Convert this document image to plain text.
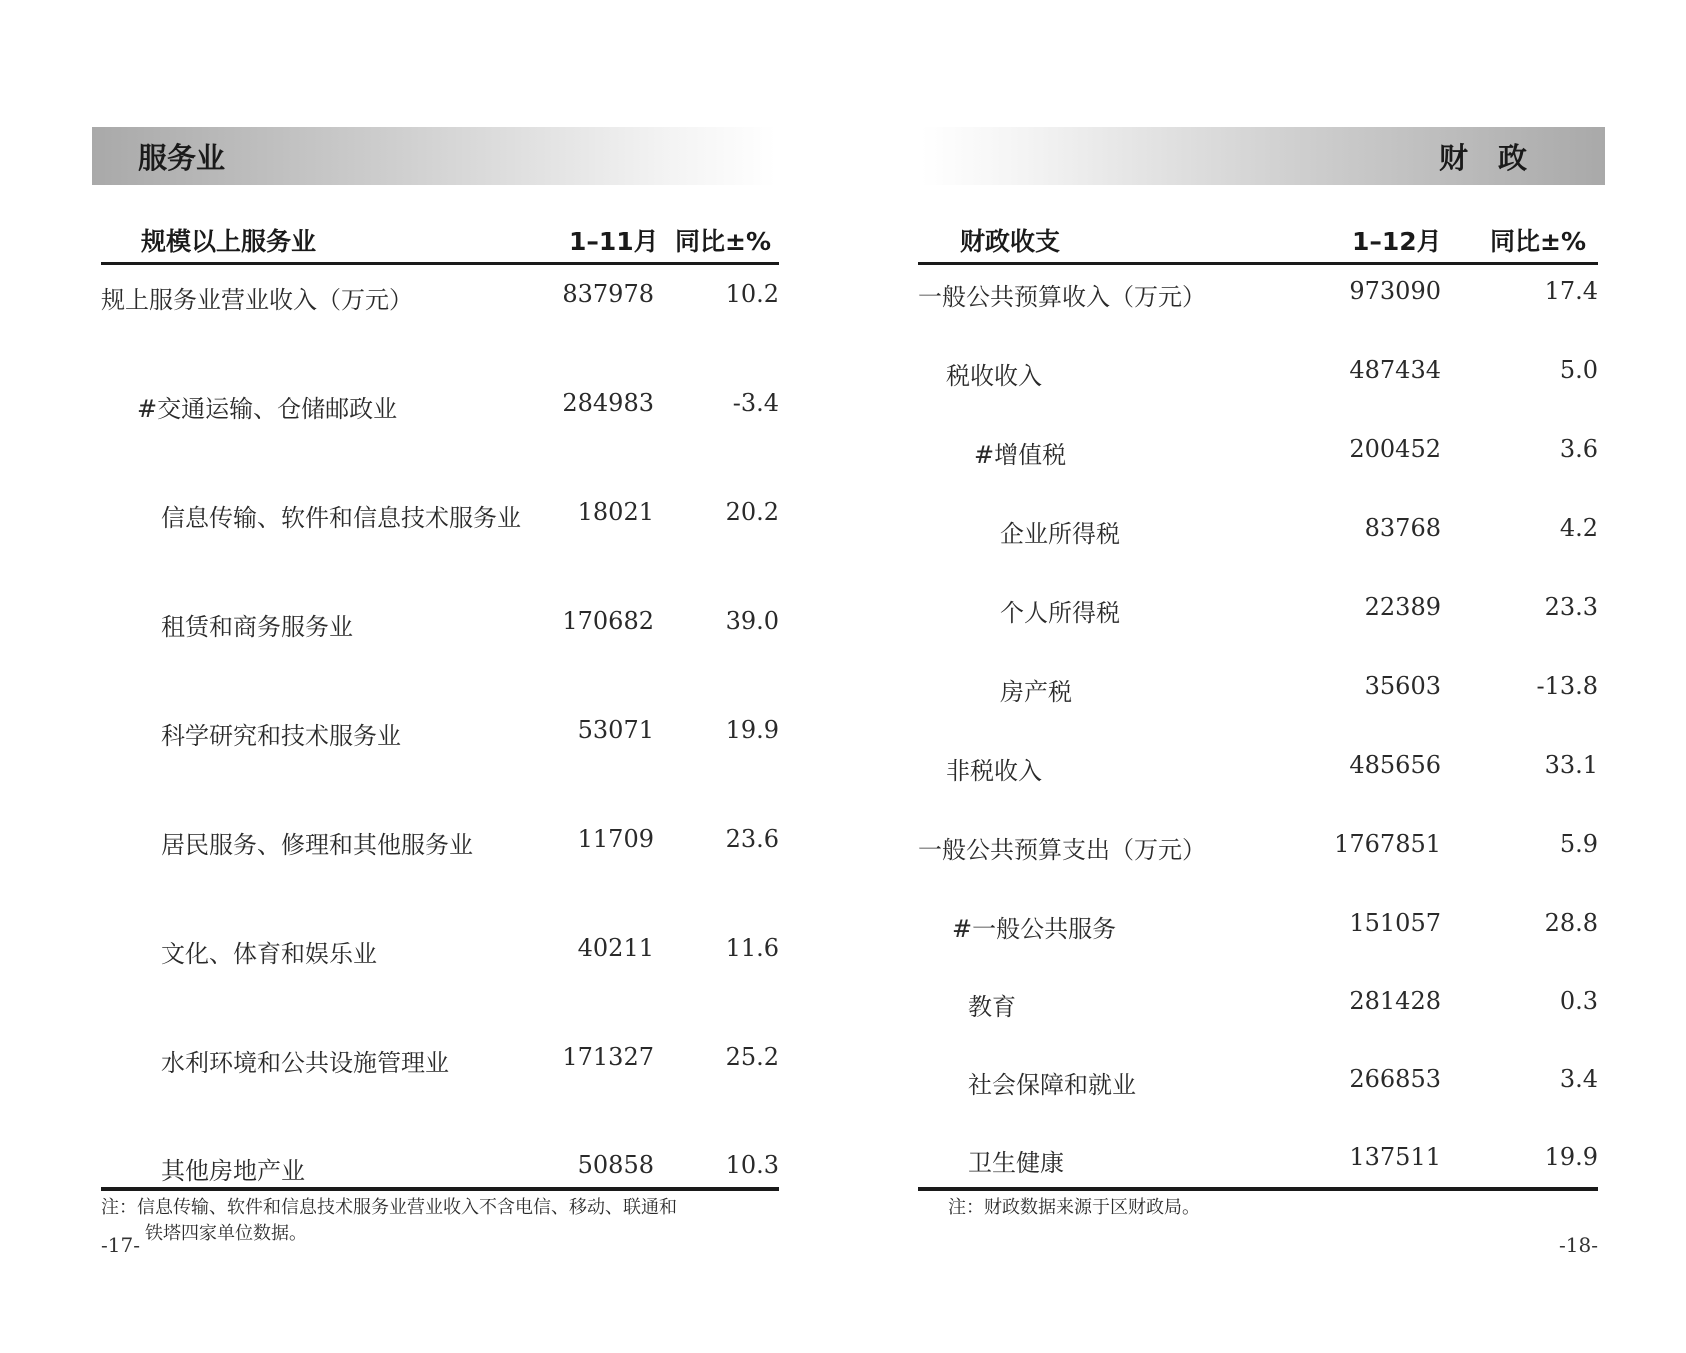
服务业
规模以上服务业	1–11月 同比±%
规上服务业营业收入（万元）	837978	10.2
#交通运输、仓储邮政业	284983	-3.4
信息传输、软件和信息技术服务业 18021	20.2
租赁和商务服务业	170682	39.0
科学研究和技术服务业	53071	19.9
居民服务、修理和其他服务业	11709	23.6
文化、体育和娱乐业	40211	11.6
水利环境和公共设施管理业	171327	25.2
其他房地产业	50858	10.3
注：信息传输、软件和信息技术服务业营业收入不含电信、移动、联通和
铁塔四家单位数据。
-17-
财政
财政收支	1–12月 同比±%
一般公共预算收入（万元）	973090	17.4
税收收入	487434	5.0
#增值税	200452	3.6
企业所得税	83768	4.2
个人所得税	22389	23.3
房产税	35603	-13.8
非税收入	485656	33.1
一般公共预算支出（万元）	1767851	5.9
#一般公共服务	151057	28.8
教育	281428	0.3
社会保障和就业	266853	3.4
卫生健康	137511	19.9
注：财政数据来源于区财政局。
-18-
